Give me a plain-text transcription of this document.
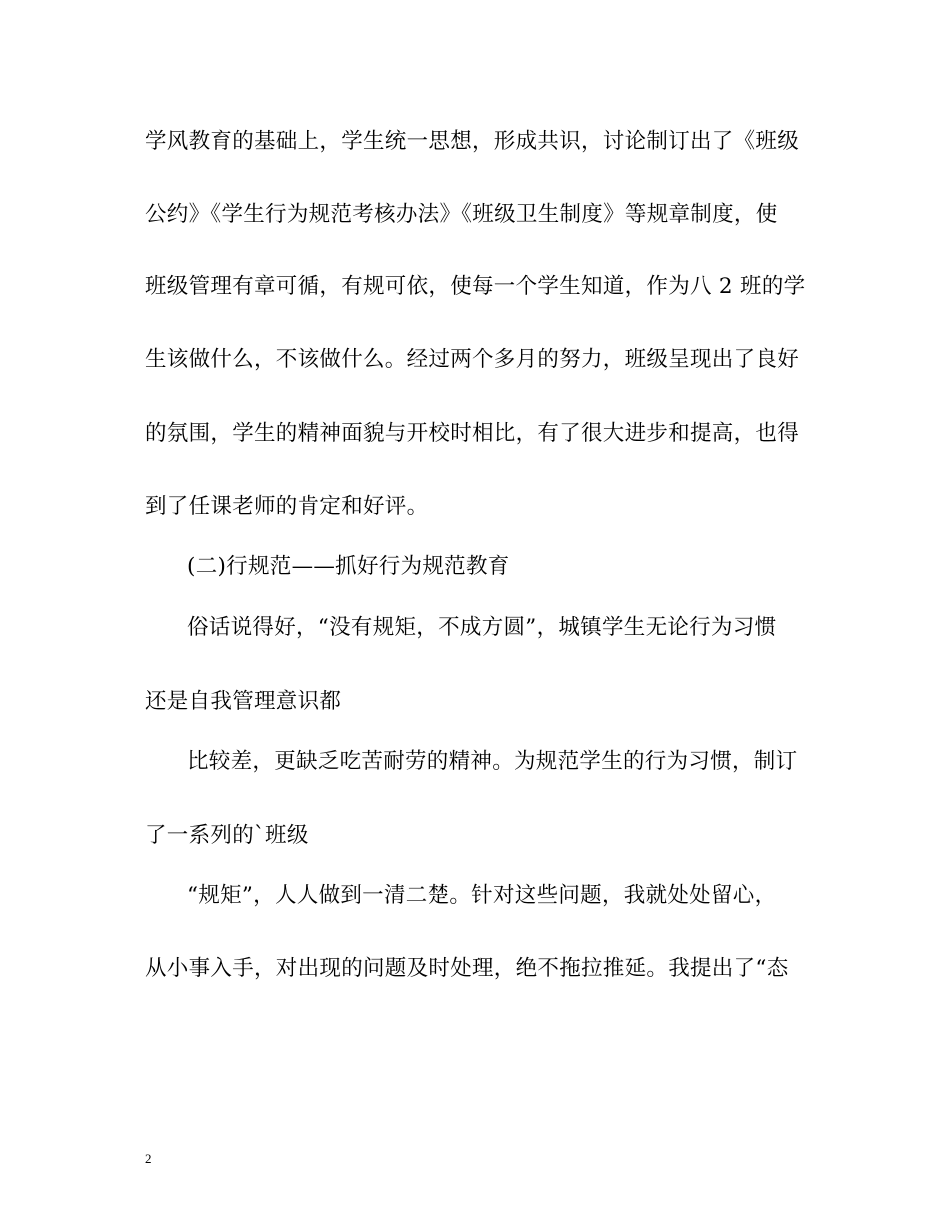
学风教育的基础上，学生统一思想，形成共识，讨论制订出了《班级
公约》《学生行为规范考核办法》《班级卫生制度》等规章制度，使
班级管理有章可循，有规可依，使每一个学生知道，作为八 2 班的学
生该做什么，不该做什么。经过两个多月的努力，班级呈现出了良好
的氛围，学生的精神面貌与开校时相比，有了很大进步和提高，也得
到了任课老师的肯定和好评。
(二)行规范——抓好行为规范教育
俗话说得好，“没有规矩，不成方圆”，城镇学生无论行为习惯
还是自我管理意识都
比较差，更缺乏吃苦耐劳的精神。为规范学生的行为习惯，制订
了一系列的`班级
“规矩”，人人做到一清二楚。针对这些问题，我就处处留心，
从小事入手，对出现的问题及时处理，绝不拖拉推延。我提出了“态
2
